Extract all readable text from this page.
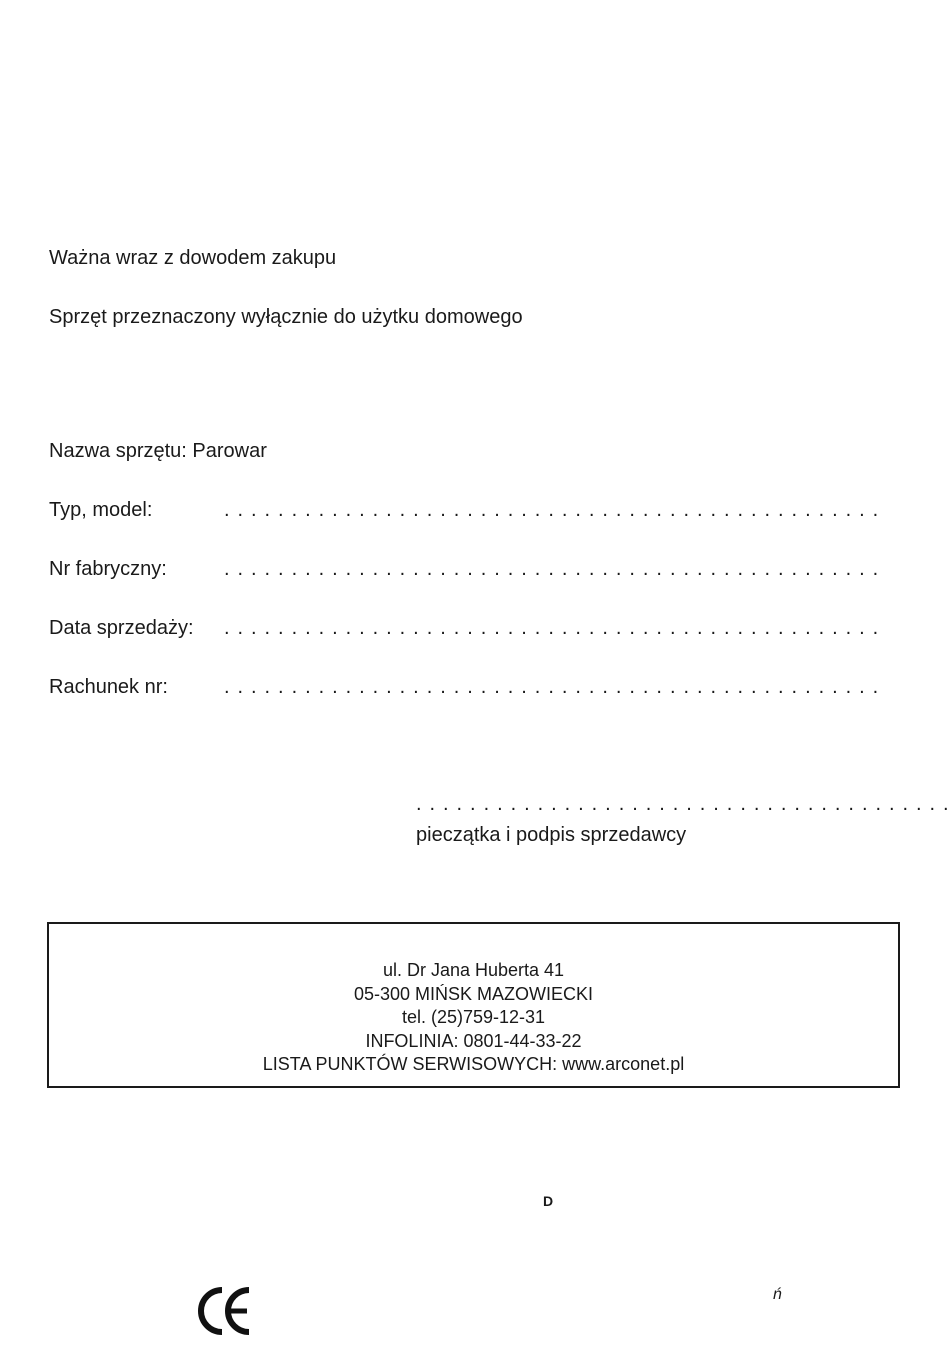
Ważna wraz z dowodem zakupu
Sprzęt przeznaczony wyłącznie do użytku domowego
Nazwa sprzętu: Parowar
Typ, model:	. . . . . . . . . . . . . . . . . . . . . . . . . . . . . . . . . . . . . . . . . . . . . . . . .
Nr fabryczny:	. . . . . . . . . . . . . . . . . . . . . . . . . . . . . . . . . . . . . . . . . . . . . . . . .
Data sprzedaży: . . . . . . . . . . . . . . . . . . . . . . . . . . . . . . . . . . . . . . . . . . . . . . . . .
Rachunek nr:	. . . . . . . . . . . . . . . . . . . . . . . . . . . . . . . . . . . . . . . . . . . . . . . . .
. . . . . . . . . . . . . . . . . . . . . . . . . . . . . . . . . . . . . . . .
pieczątka i podpis sprzedawcy
ul. Dr Jana Huberta 41
05-300 MIŃSK MAZOWIECKI
tel. (25)759-12-31
INFOLINIA: 0801-44-33-22
LISTA PUNKTÓW SERWISOWYCH: www.arconet.pl
D
ń
